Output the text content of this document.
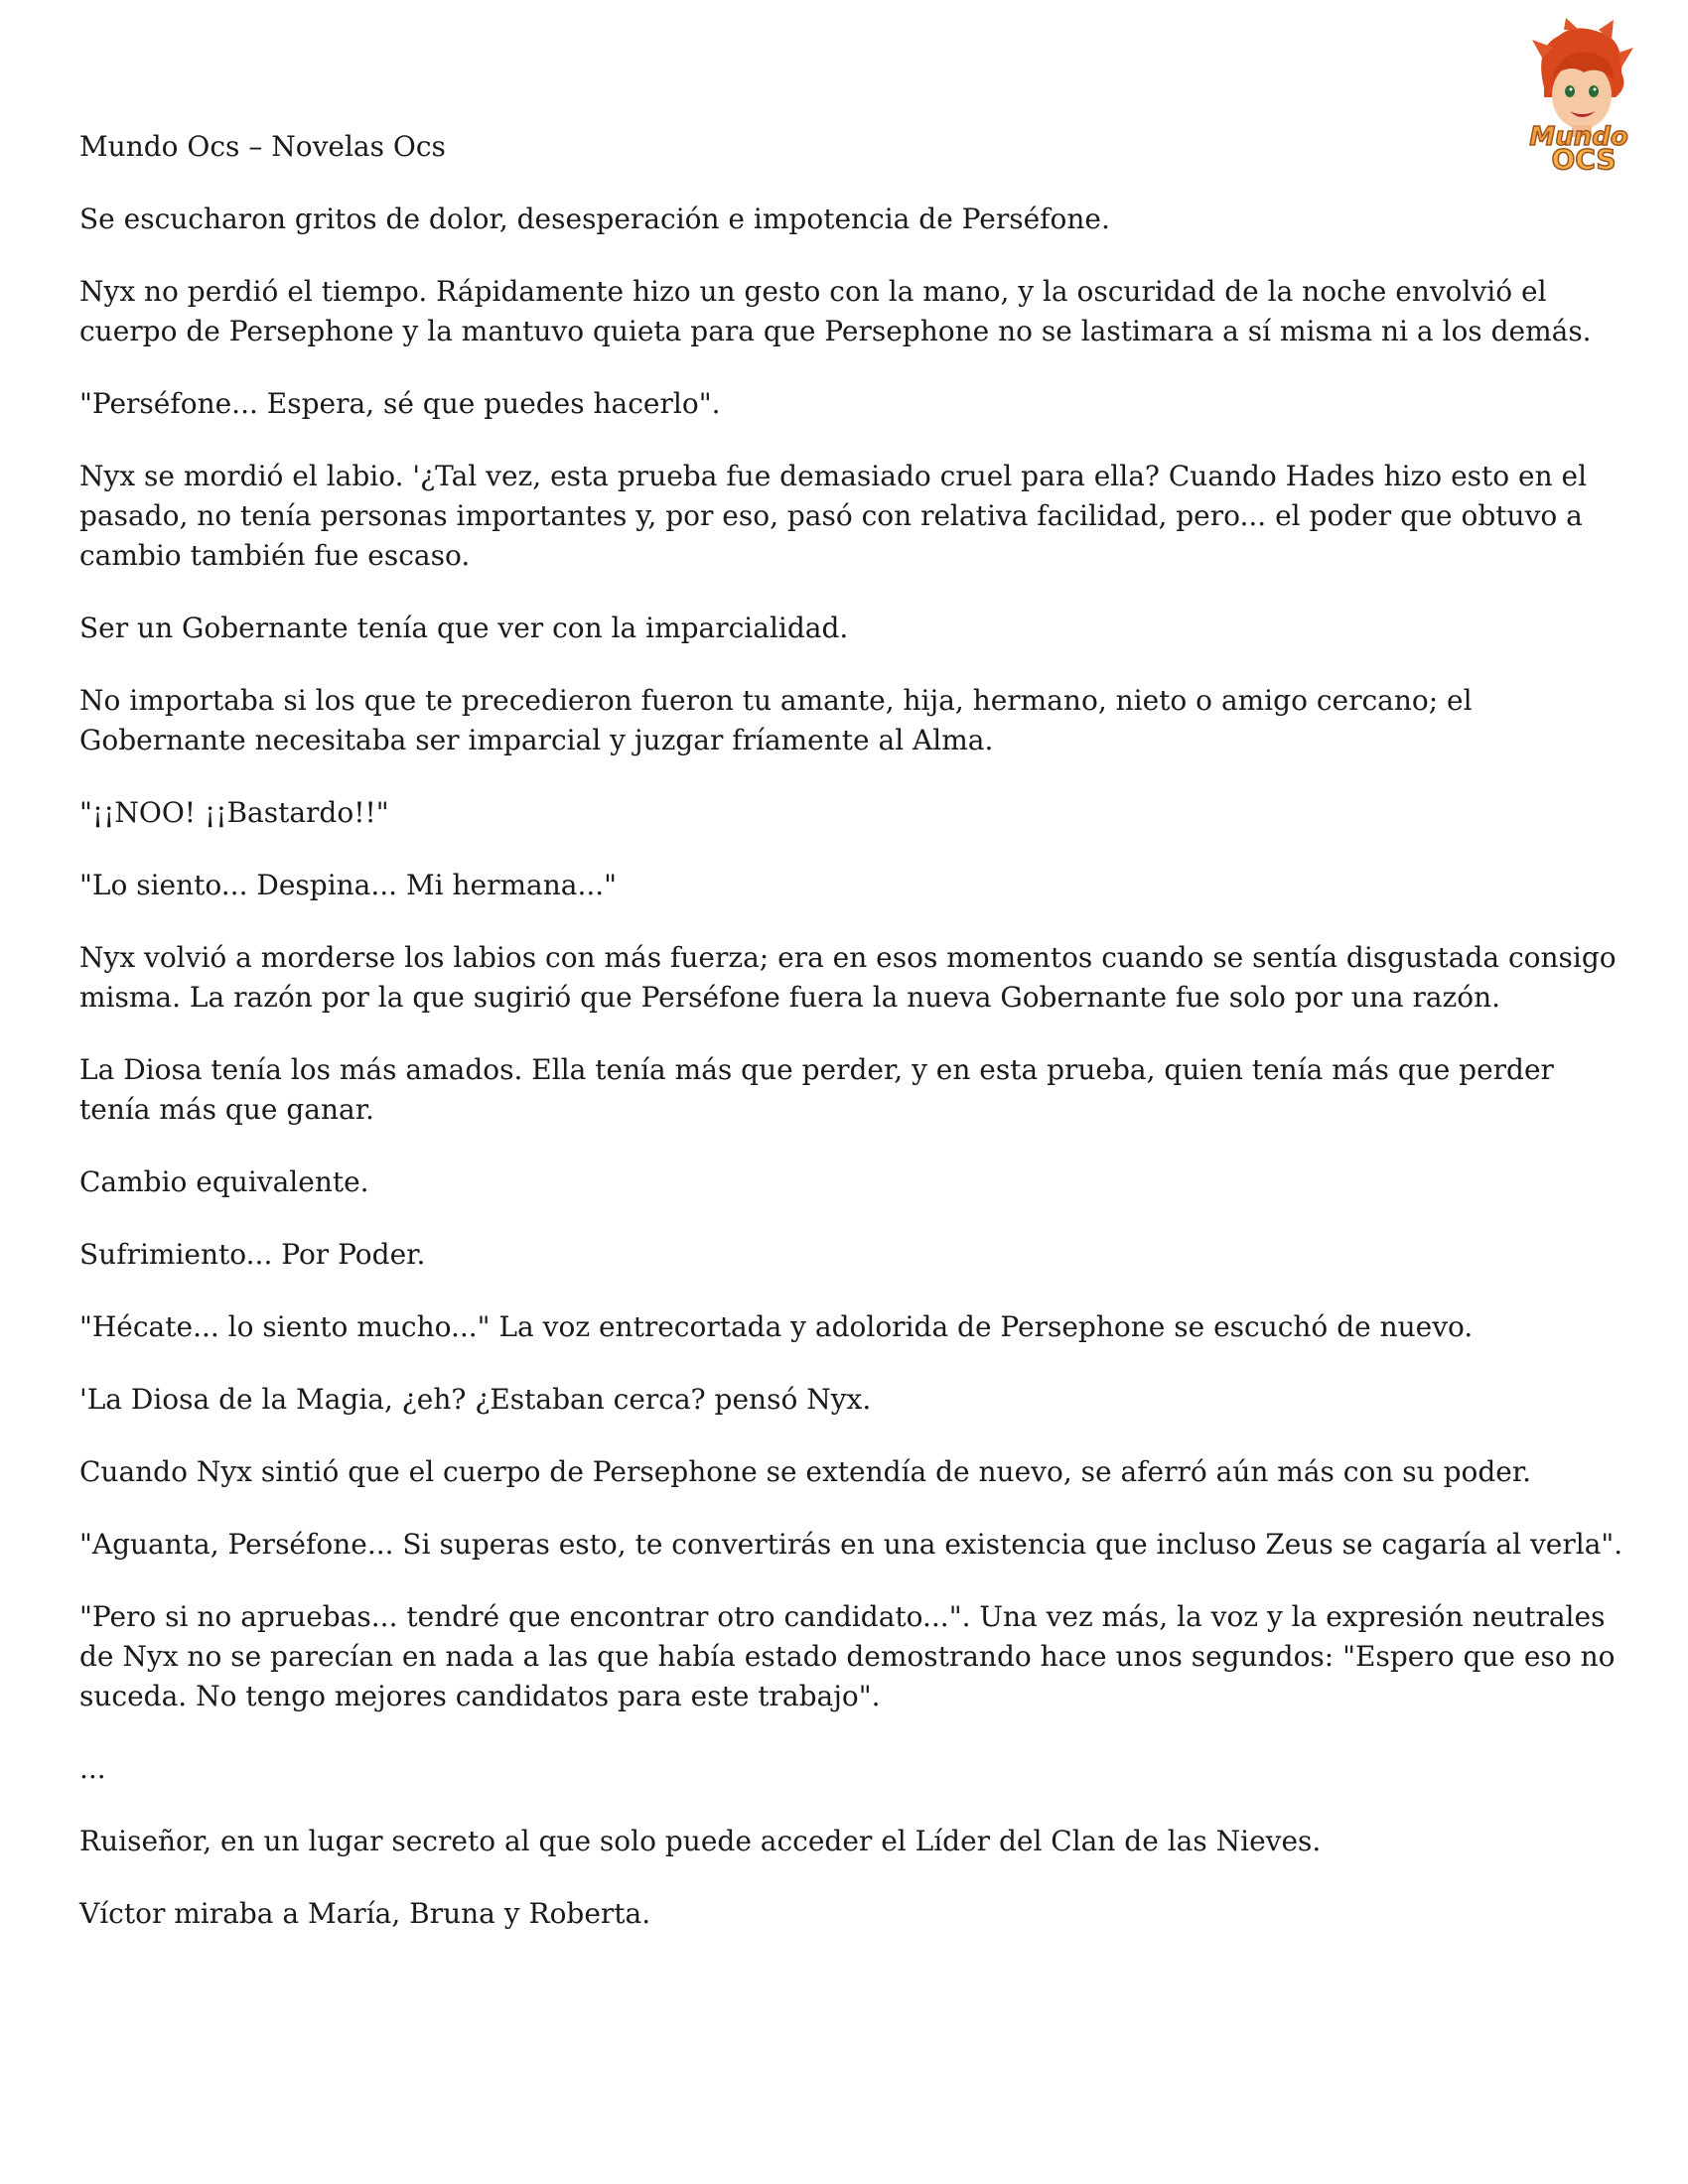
Mundo
OCS

Mundo Ocs – Novelas Ocs

Se escucharon gritos de dolor, desesperación e impotencia de Perséfone.

Nyx no perdió el tiempo. Rápidamente hizo un gesto con la mano, y la oscuridad de la noche envolvió el cuerpo de Persephone y la mantuvo quieta para que Persephone no se lastimara a sí misma ni a los demás.

"Perséfone... Espera, sé que puedes hacerlo".

Nyx se mordió el labio. '¿Tal vez, esta prueba fue demasiado cruel para ella? Cuando Hades hizo esto en el pasado, no tenía personas importantes y, por eso, pasó con relativa facilidad, pero... el poder que obtuvo a cambio también fue escaso.

Ser un Gobernante tenía que ver con la imparcialidad.

No importaba si los que te precedieron fueron tu amante, hija, hermano, nieto o amigo cercano; el Gobernante necesitaba ser imparcial y juzgar fríamente al Alma.

"¡¡NOO! ¡¡Bastardo!!"

"Lo siento... Despina... Mi hermana..."

Nyx volvió a morderse los labios con más fuerza; era en esos momentos cuando se sentía disgustada consigo misma. La razón por la que sugirió que Perséfone fuera la nueva Gobernante fue solo por una razón.

La Diosa tenía los más amados. Ella tenía más que perder, y en esta prueba, quien tenía más que perder tenía más que ganar.

Cambio equivalente.

Sufrimiento... Por Poder.

"Hécate... lo siento mucho..." La voz entrecortada y adolorida de Persephone se escuchó de nuevo.

'La Diosa de la Magia, ¿eh? ¿Estaban cerca? pensó Nyx.

Cuando Nyx sintió que el cuerpo de Persephone se extendía de nuevo, se aferró aún más con su poder.

"Aguanta, Perséfone... Si superas esto, te convertirás en una existencia que incluso Zeus se cagaría al verla".

"Pero si no apruebas... tendré que encontrar otro candidato...". Una vez más, la voz y la expresión neutrales de Nyx no se parecían en nada a las que había estado demostrando hace unos segundos: "Espero que eso no suceda. No tengo mejores candidatos para este trabajo".

...

Ruiseñor, en un lugar secreto al que solo puede acceder el Líder del Clan de las Nieves.

Víctor miraba a María, Bruna y Roberta.
